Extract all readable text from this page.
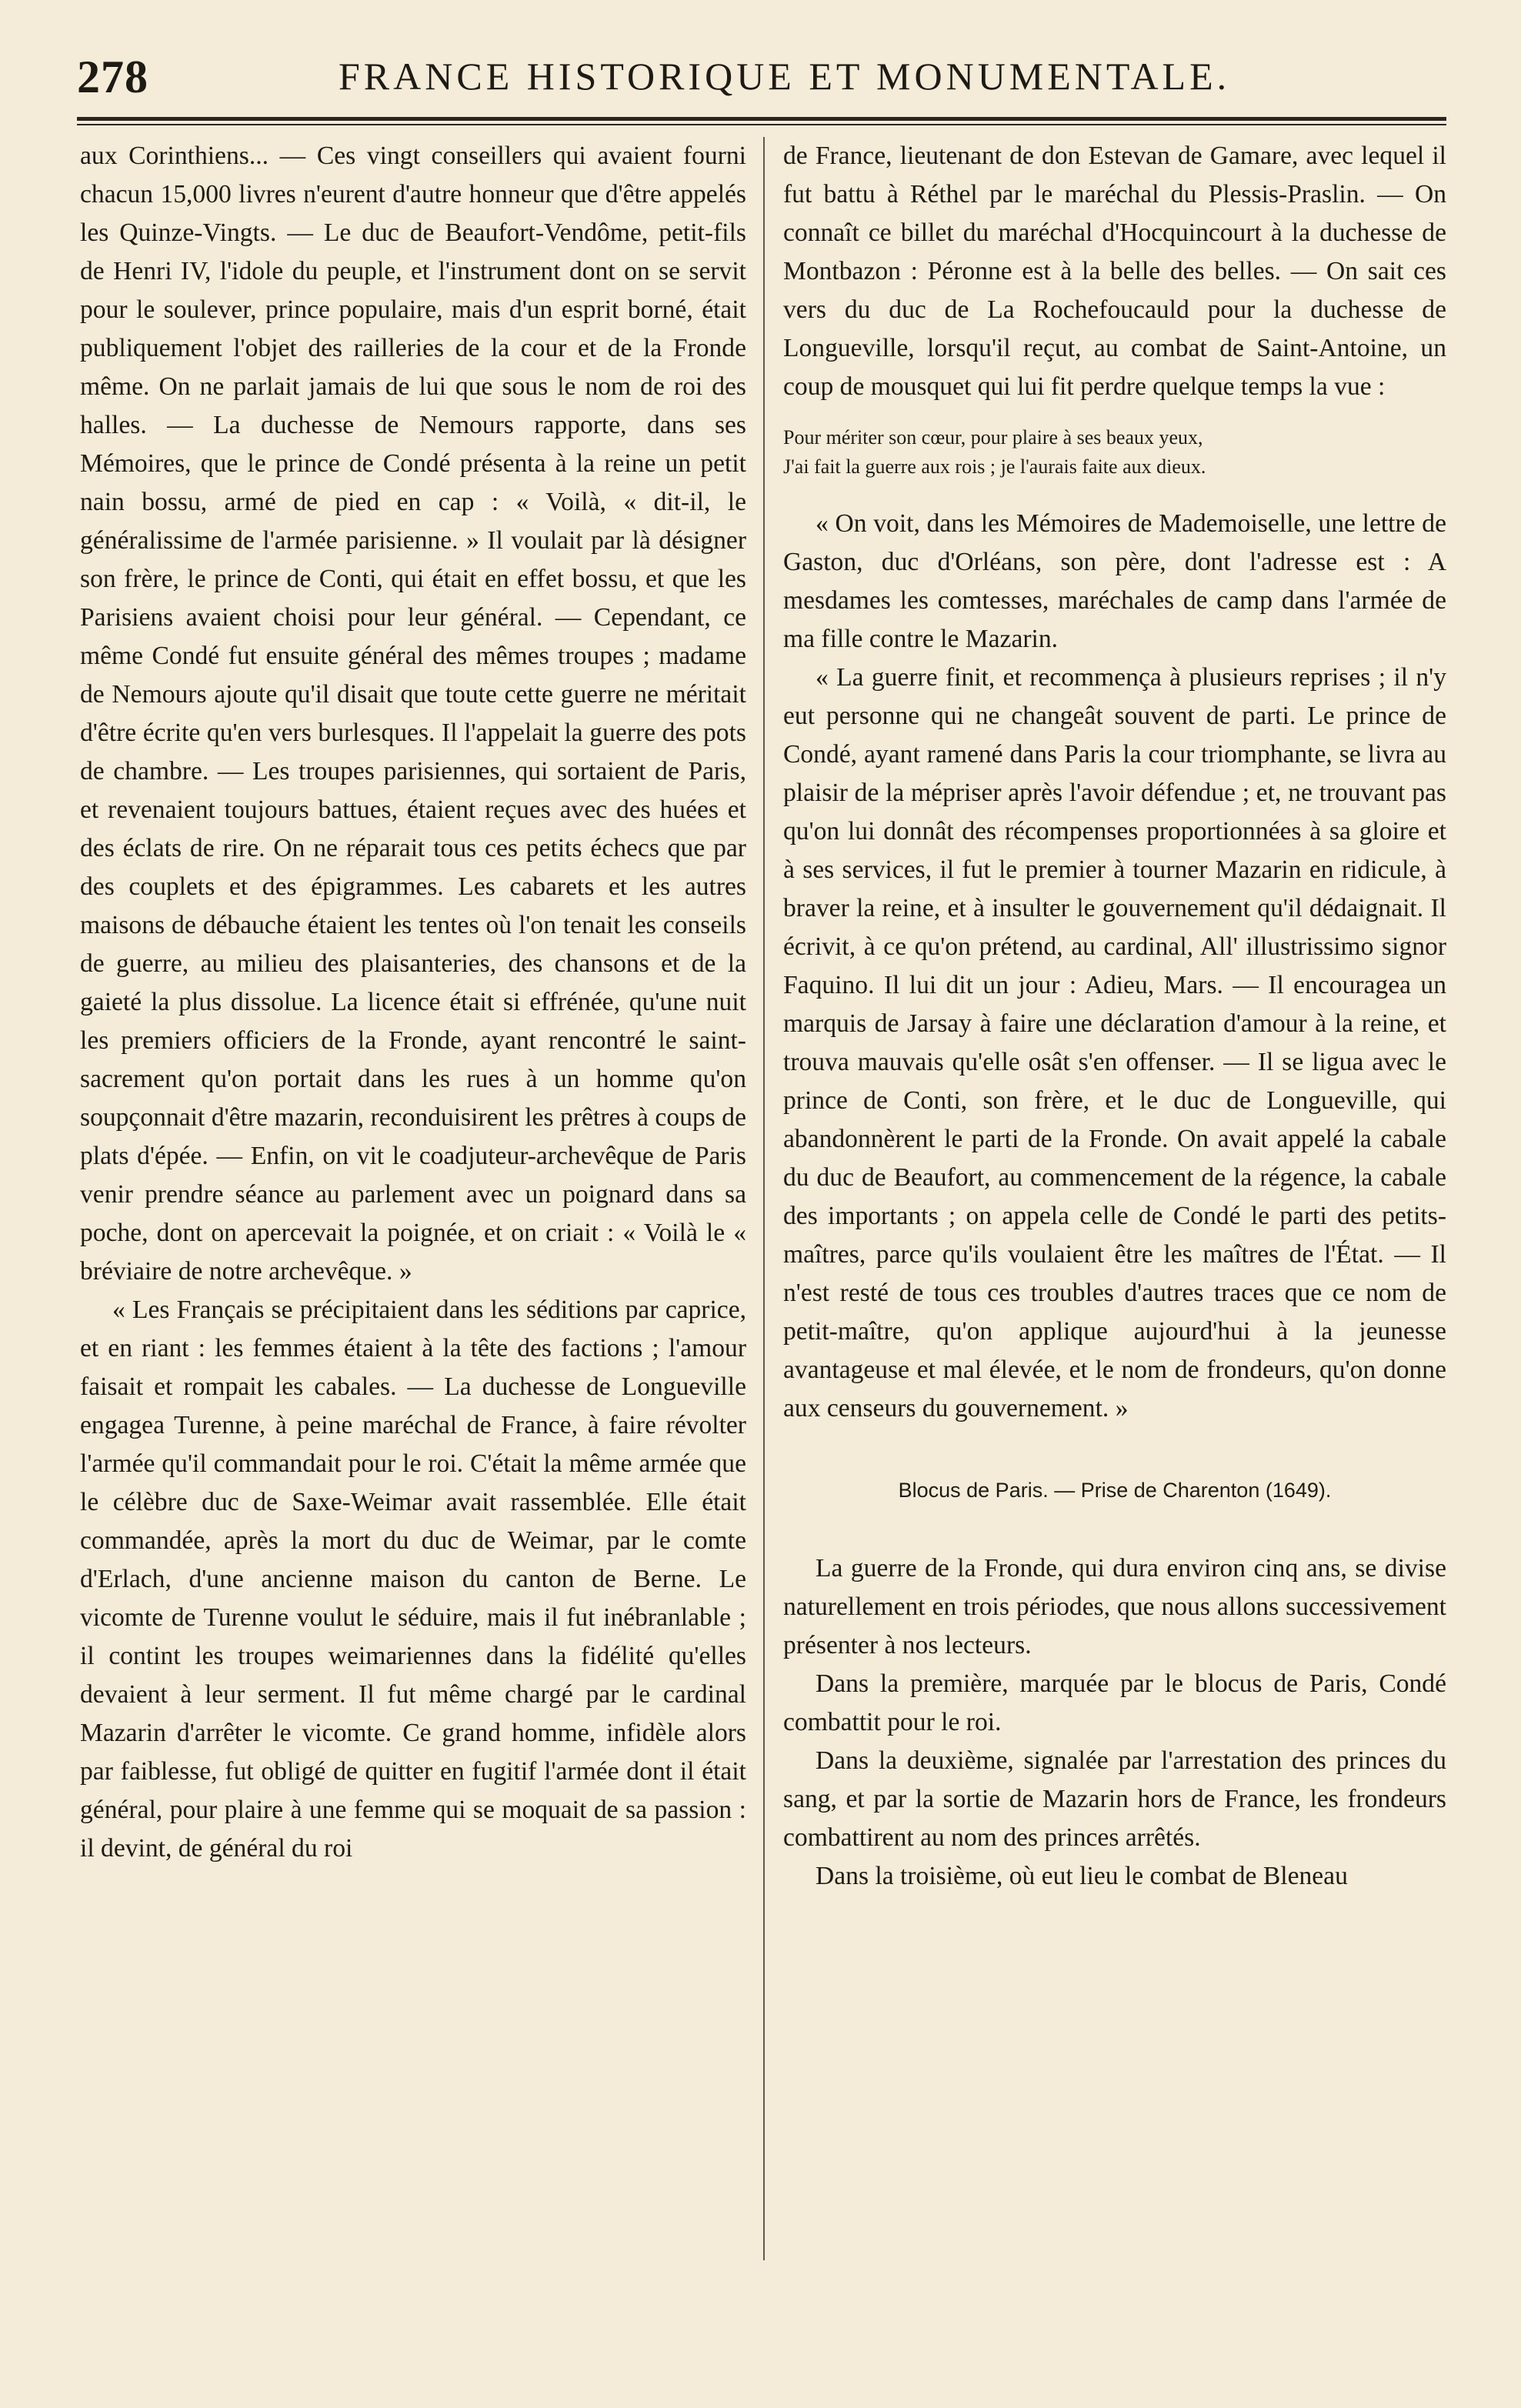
278	FRANCE HISTORIQUE ET MONUMENTALE.

aux Corinthiens... — Ces vingt conseillers qui avaient fourni chacun 15,000 livres n'eurent d'autre honneur que d'être appelés les Quinze-Vingts. — Le duc de Beaufort-Vendôme, petit-fils de Henri IV, l'idole du peuple, et l'instrument dont on se servit pour le soulever, prince populaire, mais d'un esprit borné, était publiquement l'objet des railleries de la cour et de la Fronde même. On ne parlait jamais de lui que sous le nom de roi des halles. — La duchesse de Nemours rapporte, dans ses Mémoires, que le prince de Condé présenta à la reine un petit nain bossu, armé de pied en cap : « Voilà, « dit-il, le généralissime de l'armée parisienne. » Il voulait par là désigner son frère, le prince de Conti, qui était en effet bossu, et que les Parisiens avaient choisi pour leur général. — Cependant, ce même Condé fut ensuite général des mêmes troupes ; madame de Nemours ajoute qu'il disait que toute cette guerre ne méritait d'être écrite qu'en vers burlesques. Il l'appelait la guerre des pots de chambre. — Les troupes parisiennes, qui sortaient de Paris, et revenaient toujours battues, étaient reçues avec des huées et des éclats de rire. On ne réparait tous ces petits échecs que par des couplets et des épigrammes. Les cabarets et les autres maisons de débauche étaient les tentes où l'on tenait les conseils de guerre, au milieu des plaisanteries, des chansons et de la gaieté la plus dissolue. La licence était si effrénée, qu'une nuit les premiers officiers de la Fronde, ayant rencontré le saint-sacrement qu'on portait dans les rues à un homme qu'on soupçonnait d'être mazarin, reconduisirent les prêtres à coups de plats d'épée. — Enfin, on vit le coadjuteur-archevêque de Paris venir prendre séance au parlement avec un poignard dans sa poche, dont on apercevait la poignée, et on criait : « Voilà le « bréviaire de notre archevêque. »

« Les Français se précipitaient dans les séditions par caprice, et en riant : les femmes étaient à la tête des factions ; l'amour faisait et rompait les cabales. — La duchesse de Longueville engagea Turenne, à peine maréchal de France, à faire révolter l'armée qu'il commandait pour le roi. C'était la même armée que le célèbre duc de Saxe-Weimar avait rassemblée. Elle était commandée, après la mort du duc de Weimar, par le comte d'Erlach, d'une ancienne maison du canton de Berne. Le vicomte de Turenne voulut le séduire, mais il fut inébranlable ; il contint les troupes weimariennes dans la fidélité qu'elles devaient à leur serment. Il fut même chargé par le cardinal Mazarin d'arrêter le vicomte. Ce grand homme, infidèle alors par faiblesse, fut obligé de quitter en fugitif l'armée dont il était général, pour plaire à une femme qui se moquait de sa passion : il devint, de général du roi

de France, lieutenant de don Estevan de Gamare, avec lequel il fut battu à Réthel par le maréchal du Plessis-Praslin. — On connaît ce billet du maréchal d'Hocquincourt à la duchesse de Montbazon : Péronne est à la belle des belles. — On sait ces vers du duc de La Rochefoucauld pour la duchesse de Longueville, lorsqu'il reçut, au combat de Saint-Antoine, un coup de mousquet qui lui fit perdre quelque temps la vue :

Pour mériter son cœur, pour plaire à ses beaux yeux,
J'ai fait la guerre aux rois ; je l'aurais faite aux dieux.

« On voit, dans les Mémoires de Mademoiselle, une lettre de Gaston, duc d'Orléans, son père, dont l'adresse est : A mesdames les comtesses, maréchales de camp dans l'armée de ma fille contre le Mazarin.

« La guerre finit, et recommença à plusieurs reprises ; il n'y eut personne qui ne changeât souvent de parti. Le prince de Condé, ayant ramené dans Paris la cour triomphante, se livra au plaisir de la mépriser après l'avoir défendue ; et, ne trouvant pas qu'on lui donnât des récompenses proportionnées à sa gloire et à ses services, il fut le premier à tourner Mazarin en ridicule, à braver la reine, et à insulter le gouvernement qu'il dédaignait. Il écrivit, à ce qu'on prétend, au cardinal, All' illustrissimo signor Faquino. Il lui dit un jour : Adieu, Mars. — Il encouragea un marquis de Jarsay à faire une déclaration d'amour à la reine, et trouva mauvais qu'elle osât s'en offenser. — Il se ligua avec le prince de Conti, son frère, et le duc de Longueville, qui abandonnèrent le parti de la Fronde. On avait appelé la cabale du duc de Beaufort, au commencement de la régence, la cabale des importants ; on appela celle de Condé le parti des petits-maîtres, parce qu'ils voulaient être les maîtres de l'État. — Il n'est resté de tous ces troubles d'autres traces que ce nom de petit-maître, qu'on applique aujourd'hui à la jeunesse avantageuse et mal élevée, et le nom de frondeurs, qu'on donne aux censeurs du gouvernement. »

Blocus de Paris. — Prise de Charenton (1649).

La guerre de la Fronde, qui dura environ cinq ans, se divise naturellement en trois périodes, que nous allons successivement présenter à nos lecteurs.

Dans la première, marquée par le blocus de Paris, Condé combattit pour le roi.

Dans la deuxième, signalée par l'arrestation des princes du sang, et par la sortie de Mazarin hors de France, les frondeurs combattirent au nom des princes arrêtés.

Dans la troisième, où eut lieu le combat de Bleneau
